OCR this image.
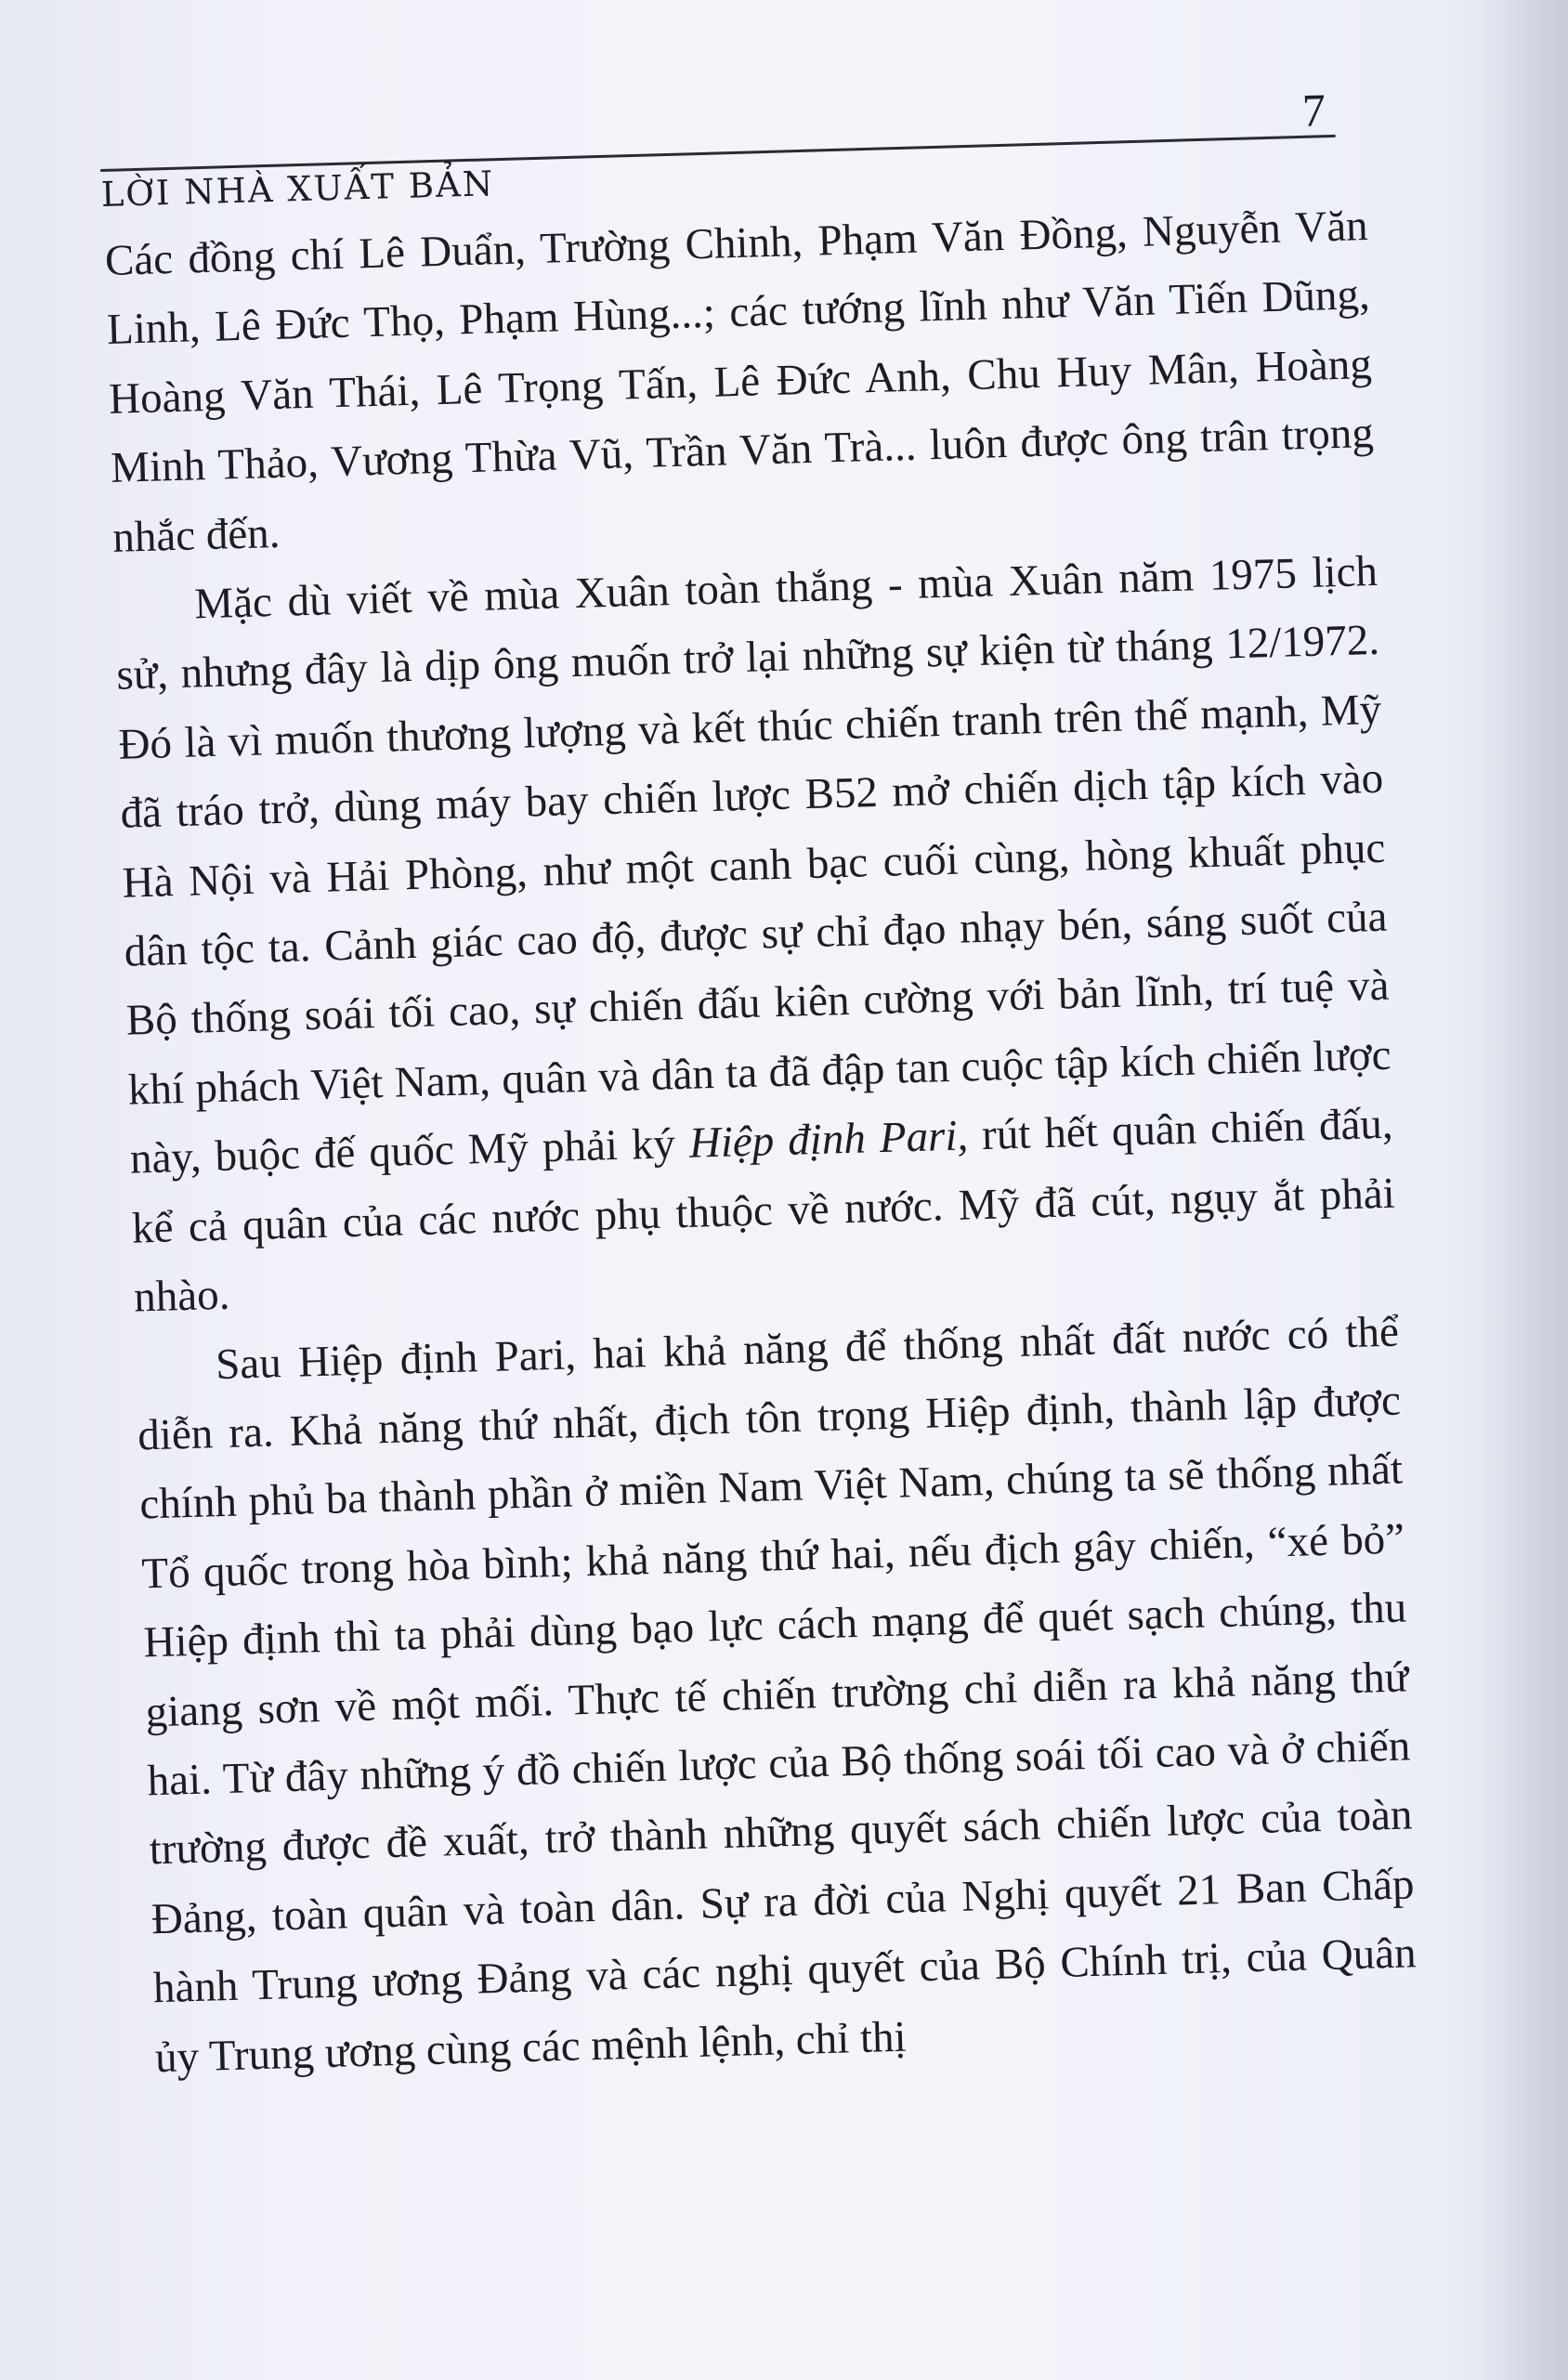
LỜI NHÀ XUẤT BẢN
7

Các đồng chí Lê Duẩn, Trường Chinh, Phạm Văn Đồng, Nguyễn Văn Linh, Lê Đức Thọ, Phạm Hùng...; các tướng lĩnh như Văn Tiến Dũng, Hoàng Văn Thái, Lê Trọng Tấn, Lê Đức Anh, Chu Huy Mân, Hoàng Minh Thảo, Vương Thừa Vũ, Trần Văn Trà... luôn được ông trân trọng nhắc đến.

Mặc dù viết về mùa Xuân toàn thắng - mùa Xuân năm 1975 lịch sử, nhưng đây là dịp ông muốn trở lại những sự kiện từ tháng 12/1972. Đó là vì muốn thương lượng và kết thúc chiến tranh trên thế mạnh, Mỹ đã tráo trở, dùng máy bay chiến lược B52 mở chiến dịch tập kích vào Hà Nội và Hải Phòng, như một canh bạc cuối cùng, hòng khuất phục dân tộc ta. Cảnh giác cao độ, được sự chỉ đạo nhạy bén, sáng suốt của Bộ thống soái tối cao, sự chiến đấu kiên cường với bản lĩnh, trí tuệ và khí phách Việt Nam, quân và dân ta đã đập tan cuộc tập kích chiến lược này, buộc đế quốc Mỹ phải ký Hiệp định Pari, rút hết quân chiến đấu, kể cả quân của các nước phụ thuộc về nước. Mỹ đã cút, ngụy ắt phải nhào.

Sau Hiệp định Pari, hai khả năng để thống nhất đất nước có thể diễn ra. Khả năng thứ nhất, địch tôn trọng Hiệp định, thành lập được chính phủ ba thành phần ở miền Nam Việt Nam, chúng ta sẽ thống nhất Tổ quốc trong hòa bình; khả năng thứ hai, nếu địch gây chiến, “xé bỏ” Hiệp định thì ta phải dùng bạo lực cách mạng để quét sạch chúng, thu giang sơn về một mối. Thực tế chiến trường chỉ diễn ra khả năng thứ hai. Từ đây những ý đồ chiến lược của Bộ thống soái tối cao và ở chiến trường được đề xuất, trở thành những quyết sách chiến lược của toàn Đảng, toàn quân và toàn dân. Sự ra đời của Nghị quyết 21 Ban Chấp hành Trung ương Đảng và các nghị quyết của Bộ Chính trị, của Quân ủy Trung ương cùng các mệnh lệnh, chỉ thị
